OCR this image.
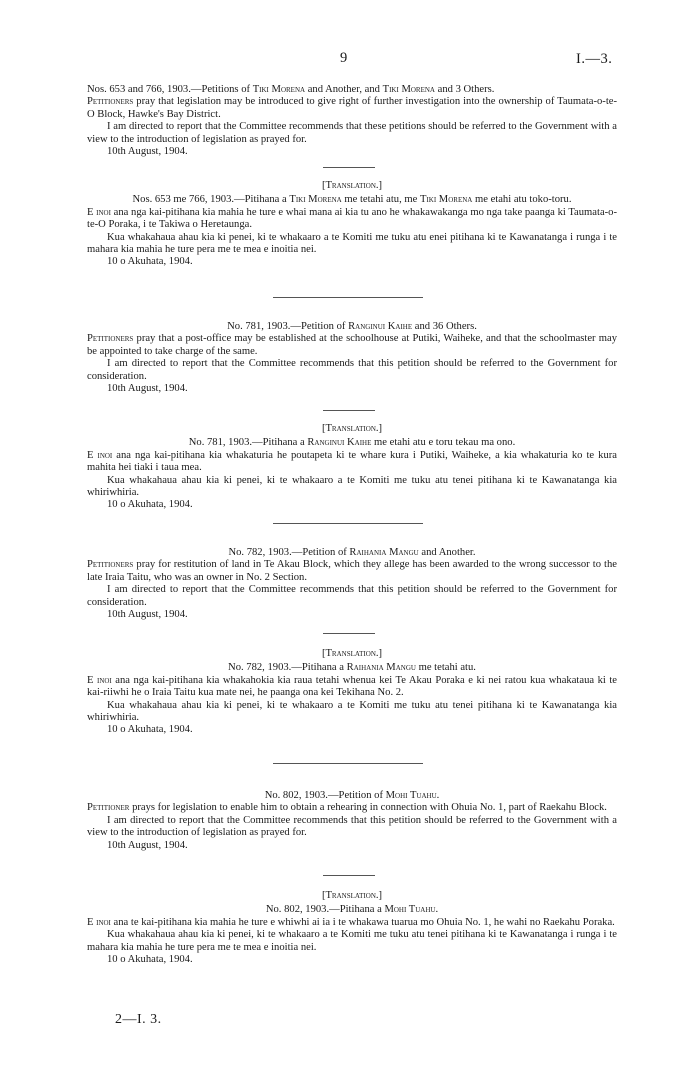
9	I.—3.

Nos. 653 and 766, 1903.—Petitions of Tiki Morena and Another, and Tiki Morena and 3 Others.

Petitioners pray that legislation may be introduced to give right of further investigation into the ownership of Taumata-o-te-O Block, Hawke's Bay District.

I am directed to report that the Committee recommends that these petitions should be referred to the Government with a view to the introduction of legislation as prayed for.

10th August, 1904.

[Translation.]

Nos. 653 me 766, 1903.—Pitihana a Tiki Morena me tetahi atu, me Tiki Morena me etahi atu toko-toru.

E inoi ana nga kai-pitihana kia mahia he ture e whai mana ai kia tu ano he whakawakanga mo nga take paanga ki Taumata-o-te-O Poraka, i te Takiwa o Heretaunga.

Kua whakahaua ahau kia ki penei, ki te whakaaro a te Komiti me tuku atu enei pitihana ki te Kawanatanga i runga i te mahara kia mahia he ture pera me te mea e inoitia nei.

10 o Akuhata, 1904.

No. 781, 1903.—Petition of Ranginui Kaihe and 36 Others.

Petitioners pray that a post-office may be established at the schoolhouse at Putiki, Waiheke, and that the schoolmaster may be appointed to take charge of the same.

I am directed to report that the Committee recommends that this petition should be referred to the Government for consideration.

10th August, 1904.

[Translation.]

No. 781, 1903.—Pitihana a Ranginui Kaihe me etahi atu e toru tekau ma ono.

E inoi ana nga kai-pitihana kia whakaturia he poutapeta ki te whare kura i Putiki, Waiheke, a kia whakaturia ko te kura mahita hei tiaki i taua mea.

Kua whakahaua ahau kia ki penei, ki te whakaaro a te Komiti me tuku atu tenei pitihana ki te Kawanatanga kia whiriwhiria.

10 o Akuhata, 1904.

No. 782, 1903.—Petition of Raihania Mangu and Another.

Petitioners pray for restitution of land in Te Akau Block, which they allege has been awarded to the wrong successor to the late Iraia Taitu, who was an owner in No. 2 Section.

I am directed to report that the Committee recommends that this petition should be referred to the Government for consideration.

10th August, 1904.

[Translation.]

No. 782, 1903.—Pitihana a Raihania Mangu me tetahi atu.

E inoi ana nga kai-pitihana kia whakahokia kia raua tetahi whenua kei Te Akau Poraka e ki nei ratou kua whakataua ki te kai-riiwhi he o Iraia Taitu kua mate nei, he paanga ona kei Tekihana No. 2.

Kua whakahaua ahau kia ki penei, ki te whakaaro a te Komiti me tuku atu tenei pitihana ki te Kawanatanga kia whiriwhiria.

10 o Akuhata, 1904.

No. 802, 1903.—Petition of Mohi Tuahu.

Petitioner prays for legislation to enable him to obtain a rehearing in connection with Ohuia No. 1, part of Raekahu Block.

I am directed to report that the Committee recommends that this petition should be referred to the Government with a view to the introduction of legislation as prayed for.

10th August, 1904.

[Translation.]

No. 802, 1903.—Pitihana a Mohi Tuahu.

E inoi ana te kai-pitihana kia mahia he ture e whiwhi ai ia i te whakawa tuarua mo Ohuia No. 1, he wahi no Raekahu Poraka.

Kua whakahaua ahau kia ki penei, ki te whakaaro a te Komiti me tuku atu tenei pitihana ki te Kawanatanga i runga i te mahara kia mahia he ture pera me te mea e inoitia nei.

10 o Akuhata, 1904.

2—I. 3.
